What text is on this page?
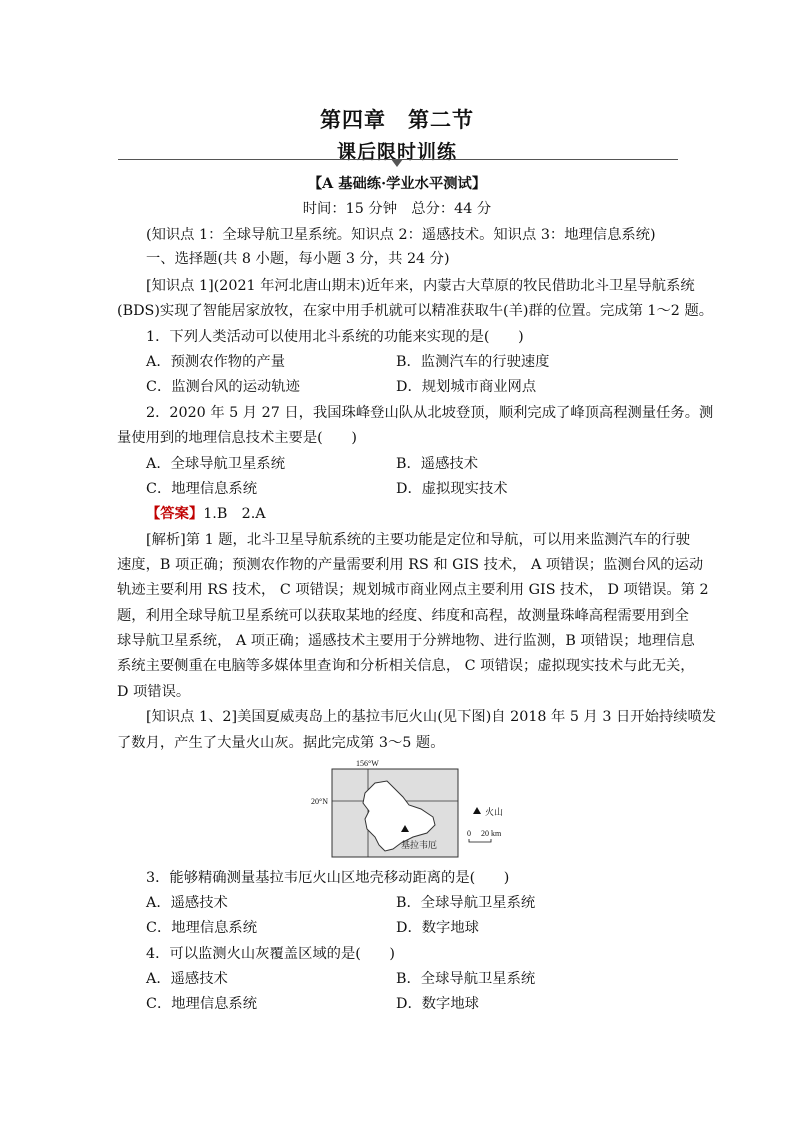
第四章　第二节
课后限时训练
【A 基础练·学业水平测试】
时间：15 分钟　总分：44 分
(知识点 1：全球导航卫星系统。知识点 2：遥感技术。知识点 3：地理信息系统)
一、选择题(共 8 小题，每小题 3 分，共 24 分)
[知识点 1](2021 年河北唐山期末)近年来，内蒙古大草原的牧民借助北斗卫星导航系统
(BDS)实现了智能居家放牧，在家中用手机就可以精准获取牛(羊)群的位置。完成第 1～2 题。
1．下列人类活动可以使用北斗系统的功能来实现的是(　　)
A．预测农作物的产量	B．监测汽车的行驶速度
C．监测台风的运动轨迹	D．规划城市商业网点
2．2020 年 5 月 27 日，我国珠峰登山队从北坡登顶，顺利完成了峰顶高程测量任务。测
量使用到的地理信息技术主要是(　　)
A．全球导航卫星系统	B．遥感技术
C．地理信息系统	D．虚拟现实技术
【答案】1.B　2.A
[解析]第 1 题，北斗卫星导航系统的主要功能是定位和导航，可以用来监测汽车的行驶
速度，B 项正确；预测农作物的产量需要利用 RS 和 GIS 技术， A 项错误；监测台风的运动
轨迹主要利用 RS 技术， C 项错误；规划城市商业网点主要利用 GIS 技术， D 项错误。第 2
题，利用全球导航卫星系统可以获取某地的经度、纬度和高程，故测量珠峰高程需要用到全
球导航卫星系统， A 项正确；遥感技术主要用于分辨地物、进行监测，B 项错误；地理信息
系统主要侧重在电脑等多媒体里查询和分析相关信息， C 项错误；虚拟现实技术与此无关，
D 项错误。
[知识点 1、2]美国夏威夷岛上的基拉韦厄火山(见下图)自 2018 年 5 月 3 日开始持续喷发
了数月，产生了大量火山灰。据此完成第 3～5 题。
156°W
20°N
基拉韦厄
火山
0 20 km
3．能够精确测量基拉韦厄火山区地壳移动距离的是(　　)
A．遥感技术	B．全球导航卫星系统
C．地理信息系统	D．数字地球
4．可以监测火山灰覆盖区域的是(　　)
A．遥感技术	B．全球导航卫星系统
C．地理信息系统	D．数字地球
